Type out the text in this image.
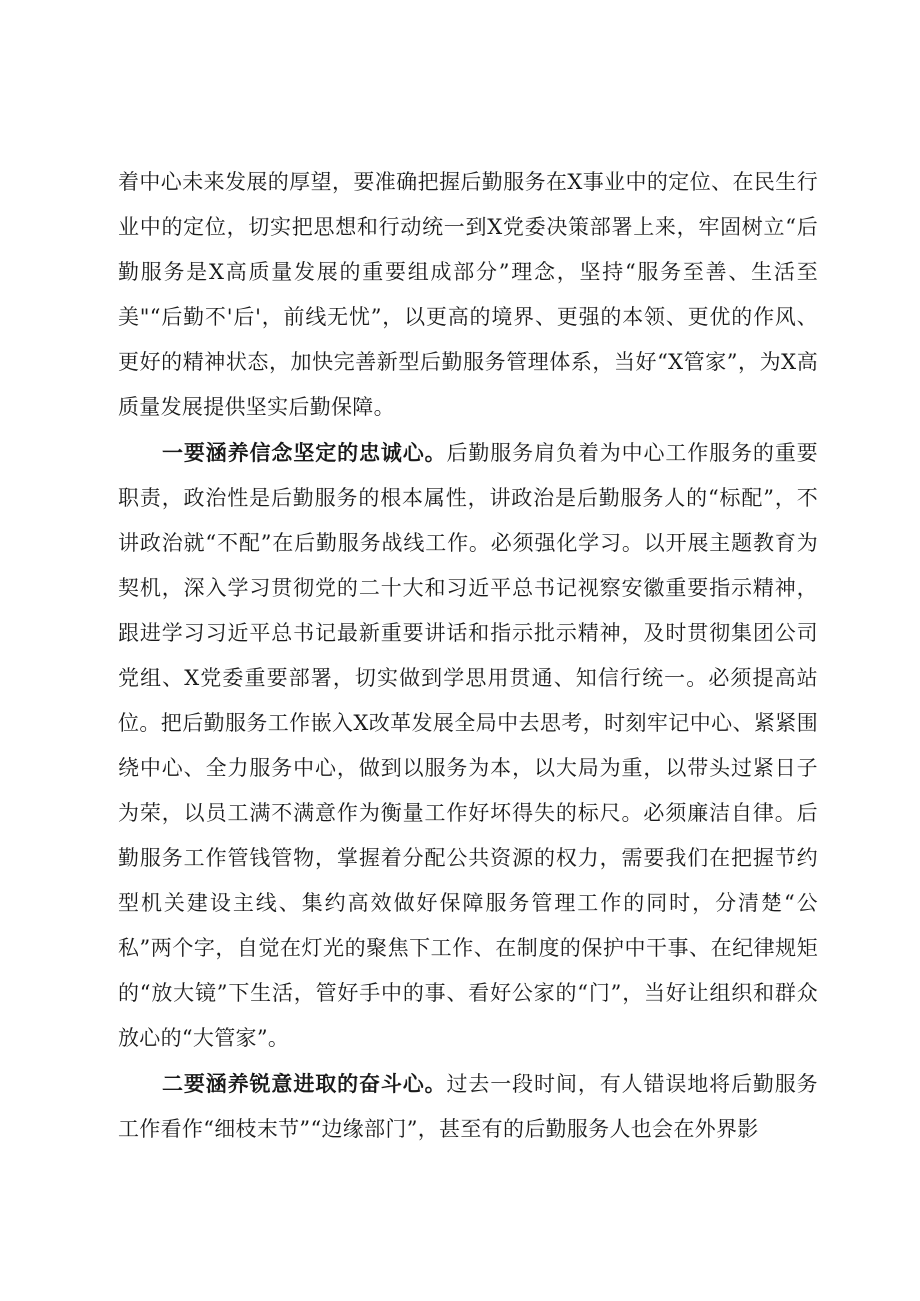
着中心未来发展的厚望，要准确把握后勤服务在X事业中的定位、在民生行业中的定位，切实把思想和行动统一到X党委决策部署上来，牢固树立“后勤服务是X高质量发展的重要组成部分”理念，坚持“服务至善、生活至美"“后勤不'后'，前线无忧”，以更高的境界、更强的本领、更优的作风、更好的精神状态，加快完善新型后勤服务管理体系，当好“X管家”，为X高质量发展提供坚实后勤保障。

一要涵养信念坚定的忠诚心。后勤服务肩负着为中心工作服务的重要职责，政治性是后勤服务的根本属性，讲政治是后勤服务人的“标配”，不讲政治就“不配”在后勤服务战线工作。必须强化学习。以开展主题教育为契机，深入学习贯彻党的二十大和习近平总书记视察安徽重要指示精神，跟进学习习近平总书记最新重要讲话和指示批示精神，及时贯彻集团公司党组、X党委重要部署，切实做到学思用贯通、知信行统一。必须提高站位。把后勤服务工作嵌入X改革发展全局中去思考，时刻牢记中心、紧紧围绕中心、全力服务中心，做到以服务为本，以大局为重，以带头过紧日子为荣，以员工满不满意作为衡量工作好坏得失的标尺。必须廉洁自律。后勤服务工作管钱管物，掌握着分配公共资源的权力，需要我们在把握节约型机关建设主线、集约高效做好保障服务管理工作的同时，分清楚“公私”两个字，自觉在灯光的聚焦下工作、在制度的保护中干事、在纪律规矩的“放大镜”下生活，管好手中的事、看好公家的“门”，当好让组织和群众放心的“大管家”。

二要涵养锐意进取的奋斗心。过去一段时间，有人错误地将后勤服务工作看作“细枝末节”“边缘部门”，甚至有的后勤服务人也会在外界影
